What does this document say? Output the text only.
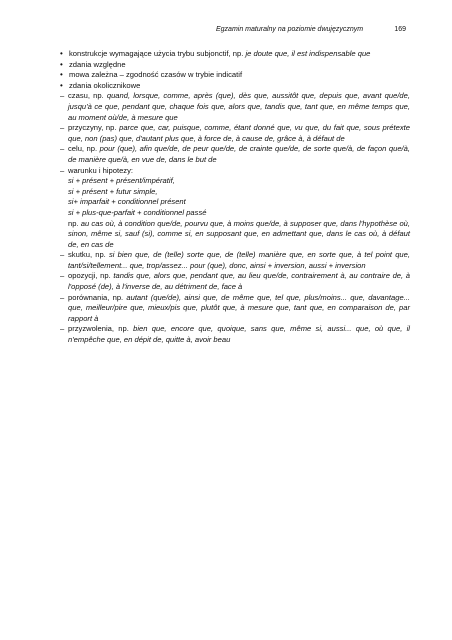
Egzamin maturalny na poziomie dwujęzycznym	169
• konstrukcje wymagające użycia trybu subjonctif, np. je doute que, il est indispensable que
• zdania względne
• mowa zależna – zgodność czasów w trybie indicatif
• zdania okolicznikowe
– czasu, np. quand, lorsque, comme, après (que), dès que, aussitôt que, depuis que, avant que/de, jusqu'à ce que, pendant que, chaque fois que, alors que, tandis que, tant que, en même temps que, au moment où/de, à mesure que
– przyczyny, np. parce que, car, puisque, comme, étant donné que, vu que, du fait que, sous prétexte que, non (pas) que, d'autant plus que, à force de, à cause de, grâce à, à défaut de
– celu, np. pour (que), afin que/de, de peur que/de, de crainte que/de, de sorte que/à, de façon que/à, de manière que/à, en vue de, dans le but de
– warunku i hipotezy:
si + présent + présent/impératif,
si + présent + futur simple,
si+ imparfait + conditionnel présent
si + plus-que-parfait + conditionnel passé
np. au cas où, à condition que/de, pourvu que, à moins que/de, à supposer que, dans l'hypothèse où, sinon, même si, sauf (si), comme si, en supposant que, en admettant que, dans le cas où, à défaut de, en cas de
– skutku, np. si bien que, de (telle) sorte que, de (telle) manière que, en sorte que, à tel point que, tant/si/tellement... que, trop/assez... pour (que), donc, ainsi + inversion, aussi + inversion
– opozycji, np. tandis que, alors que, pendant que, au lieu que/de, contrairement à, au contraire de, à l'opposé (de), à l'inverse de, au détriment de, face à
– porównania, np. autant (que/de), ainsi que, de même que, tel que, plus/moins... que, davantage... que, meilleur/pire que, mieux/pis que, plutôt que, à mesure que, tant que, en comparaison de, par rapport à
– przyzwolenia, np. bien que, encore que, quoique, sans que, même si, aussi... que, où que, il n'empêche que, en dépit de, quitte à, avoir beau
